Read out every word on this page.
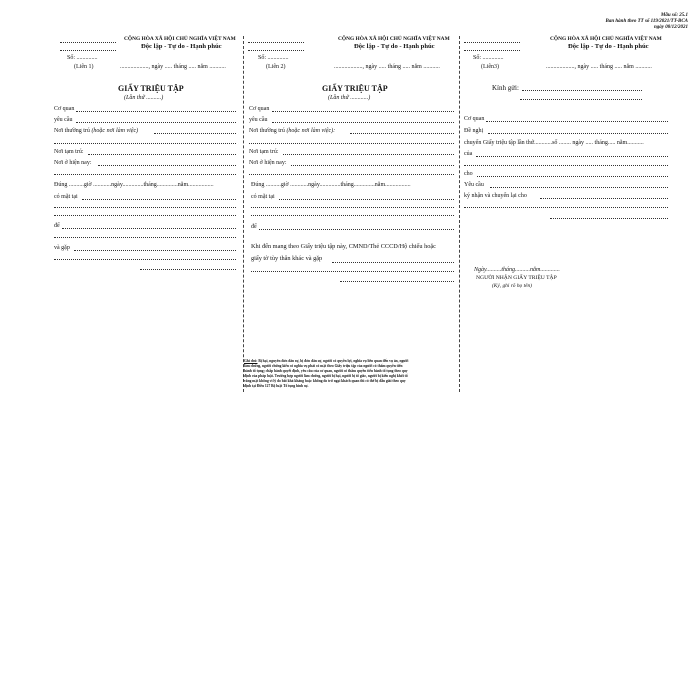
Mẫu số: 25.1
Ban hành theo TT số 119/2021/TT-BCA
ngày 08/12/2021
CỘNG HÒA XÃ HỘI CHỦ NGHĨA VIỆT NAM
Độc lập - Tự do - Hạnh phúc
Số: ..............
(Liên 1)	..................., ngày ..... tháng ..... năm ...........
GIẤY TRIỆU TẬP
(Lần thứ ..........)
Cơ quan
yêu cầu
Nơi thường trú (hoặc nơi làm việc)
Nơi tạm trú:
Nơi ở hiện nay:
Đúng ..........giờ ............ngày..............tháng..............năm.................
có mặt tại
để
và gặp
CỘNG HÒA XÃ HỘI CHỦ NGHĨA VIỆT NAM
Độc lập - Tự do - Hạnh phúc
Số: ..............
(Liên 2)	..................., ngày ..... tháng ..... năm ...........
GIẤY TRIỆU TẬP
(Lần thứ ............)
Cơ quan
yêu cầu
Nơi thường trú (hoặc nơi làm việc):
Nơi tạm trú:
Nơi ở hiện nay:
Đúng ..........giờ ............ngày..............tháng..............năm.................
có mặt tại
để
Khi đến mang theo Giấy triệu tập này, CMND/Thẻ CCCD/Hộ chiếu hoặc
giấy tờ tùy thân khác và gặp
Ghi chú: Bị hại, nguyên đơn dân sự, bị đơn dân sự, người có quyền lợi, nghĩa vụ liên quan đến vụ án, người
làm chứng, người chứng kiến có nghĩa vụ phải có mặt theo Giấy triệu tập của người có thẩm quyền tiến
hành tố tụng; chấp hành quyết định, yêu cầu của cơ quan, người có thẩm quyền tiến hành tố tụng theo quy
định của pháp luật. Trường hợp người làm chứng, người bị hại, người bị tố giác, người bị kiến nghị khởi tố
vắng mặt không vì lý do bất khả kháng hoặc không do trở ngại khách quan thì có thể bị dẫn giải theo quy
định tại Điều 127 Bộ luật Tố tụng hình sự.
CỘNG HÒA XÃ HỘI CHỦ NGHĨA VIỆT NAM
Độc lập - Tự do - Hạnh phúc
Số: ..............
(Liên3)	..................., ngày ..... tháng ..... năm ...........
Kính gửi:
Cơ quan
Đề nghị
chuyển Giấy triệu tập lần thứ............số ........ ngày ..... tháng..... năm...........
của
cho
Yêu cầu
ký nhận và chuyển lại cho
Ngày..........tháng..........năm.............
NGƯỜI NHẬN GIẤY TRIỆU TẬP
(Ký, ghi rõ họ tên)
